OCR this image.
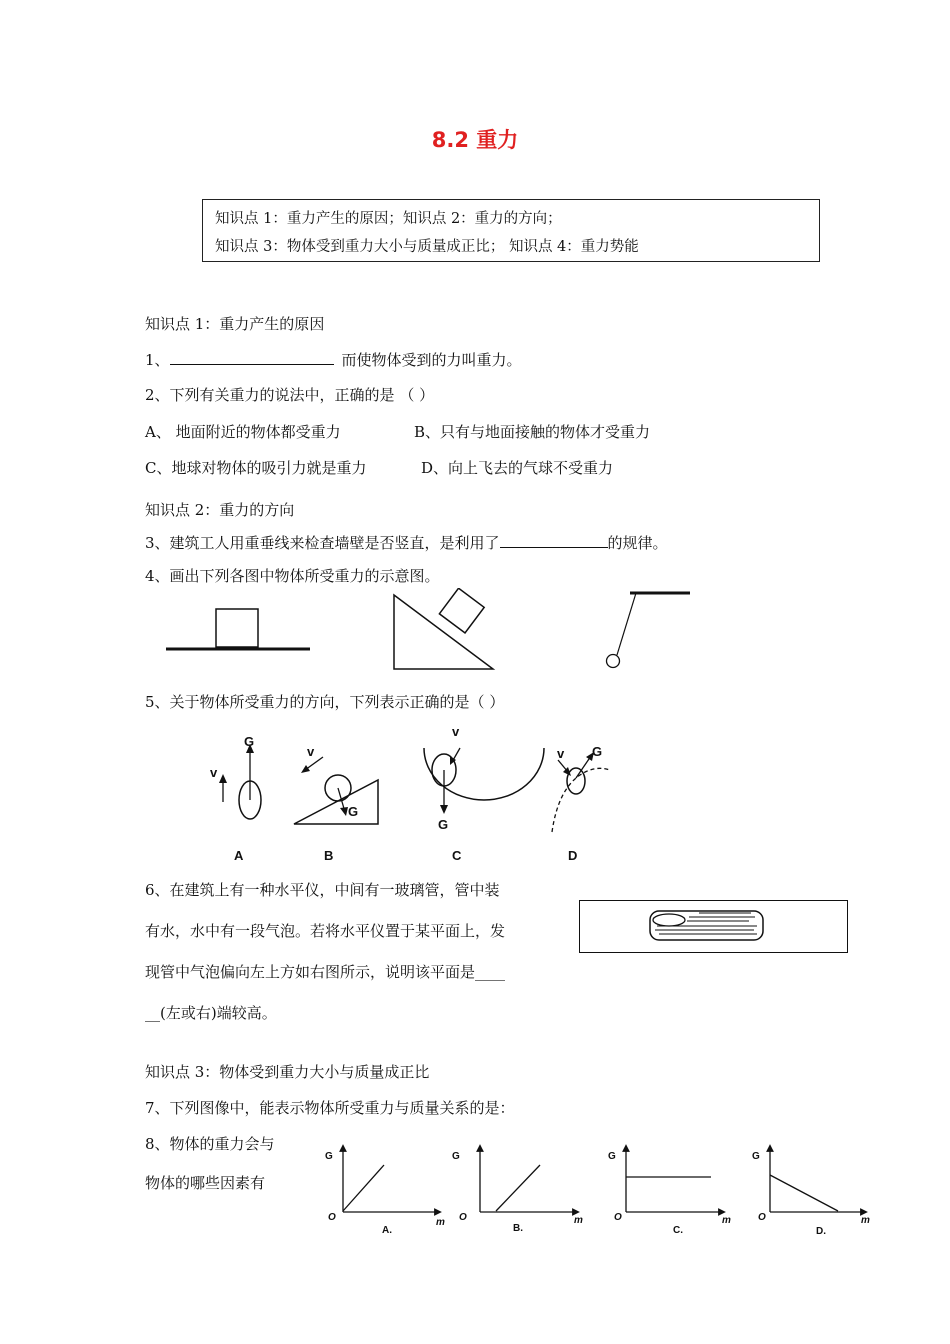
8.2 重力
知识点 1：重力产生的原因；知识点 2：重力的方向；
知识点 3：物体受到重力大小与质量成正比； 知识点 4：重力势能
知识点 1：重力产生的原因
1、	而使物体受到的力叫重力。
2、下列有关重力的说法中，正确的是 （ ）
A、 地面附近的物体都受重力	B、只有与地面接触的物体才受重力
C、地球对物体的吸引力就是重力	D、向上飞去的气球不受重力
知识点 2：重力的方向
3、建筑工人用重垂线来检查墙壁是否竖直，是利用了	的规律。
4、画出下列各图中物体所受重力的示意图。
5、关于物体所受重力的方向，下列表示正确的是（ ）
G
v
A
G
v
B
G
v
C
G
v
D
6、在建筑上有一种水平仪，中间有一玻璃管，管中装
有水，水中有一段气泡。若将水平仪置于某平面上，发
现管中气泡偏向左上方如右图所示，说明该平面是____
__(左或右)端较高。
知识点 3：物体受到重力大小与质量成正比
7、下列图像中，能表示物体所受重力与质量关系的是：
8、物体的重力会与
物体的哪些因素有
G
O	m
A.
G
O	m
B.
G
O	m
C.
G
O	m
D.
